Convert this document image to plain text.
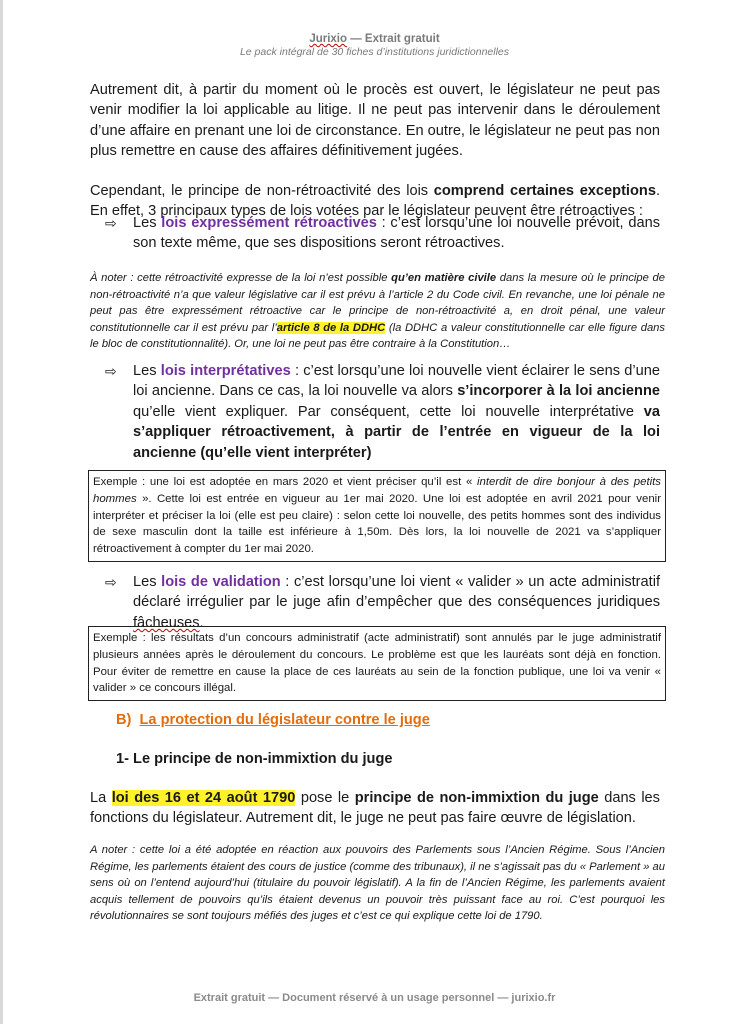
Jurixio — Extrait gratuit
Le pack intégral de 30 fiches d’institutions juridictionnelles

Autrement dit, à partir du moment où le procès est ouvert, le législateur ne peut pas venir modifier la loi applicable au litige. Il ne peut pas intervenir dans le déroulement d’une affaire en prenant une loi de circonstance. En outre, le législateur ne peut pas non plus remettre en cause des affaires définitivement jugées.

Cependant, le principe de non-rétroactivité des lois comprend certaines exceptions. En effet, 3 principaux types de lois votées par le législateur peuvent être rétroactives :

⇨	Les lois expressément rétroactives : c’est lorsqu’une loi nouvelle prévoit, dans son texte même, que ses dispositions seront rétroactives.
À noter : cette rétroactivité expresse de la loi n’est possible qu’en matière civile dans la mesure où le principe de non-rétroactivité n’a que valeur législative car il est prévu à l’article 2 du Code civil. En revanche, une loi pénale ne peut pas être expressément rétroactive car le principe de non-rétroactivité a, en droit pénal, une valeur constitutionnelle car il est prévu par l’article 8 de la DDHC (la DDHC a valeur constitutionnelle car elle figure dans le bloc de constitutionnalité). Or, une loi ne peut pas être contraire à la Constitution…
⇨	Les lois interprétatives : c’est lorsqu’une loi nouvelle vient éclairer le sens d’une loi ancienne. Dans ce cas, la loi nouvelle va alors s’incorporer à la loi ancienne qu’elle vient expliquer. Par conséquent, cette loi nouvelle interprétative va s’appliquer rétroactivement, à partir de l’entrée en vigueur de la loi ancienne (qu’elle vient interpréter)
Exemple : une loi est adoptée en mars 2020 et vient préciser qu’il est « interdit de dire bonjour à des petits hommes ». Cette loi est entrée en vigueur au 1er mai 2020. Une loi est adoptée en avril 2021 pour venir interpréter et préciser la loi (elle est peu claire) : selon cette loi nouvelle, des petits hommes sont des individus de sexe masculin dont la taille est inférieure à 1,50m. Dès lors, la loi nouvelle de 2021 va s’appliquer rétroactivement à compter du 1er mai 2020.
⇨	Les lois de validation : c’est lorsqu’une loi vient « valider » un acte administratif déclaré irrégulier par le juge afin d’empêcher que des conséquences juridiques fâcheuses.
Exemple : les résultats d’un concours administratif (acte administratif) sont annulés par le juge administratif plusieurs années après le déroulement du concours. Le problème est que les lauréats sont déjà en fonction. Pour éviter de remettre en cause la place de ces lauréats au sein de la fonction publique, une loi va venir « valider » ce concours illégal.
B) La protection du législateur contre le juge
1- Le principe de non-immixtion du juge

La loi des 16 et 24 août 1790 pose le principe de non-immixtion du juge dans les fonctions du législateur. Autrement dit, le juge ne peut pas faire œuvre de législation.

A noter : cette loi a été adoptée en réaction aux pouvoirs des Parlements sous l’Ancien Régime. Sous l’Ancien Régime, les parlements étaient des cours de justice (comme des tribunaux), il ne s’agissait pas du « Parlement » au sens où on l’entend aujourd’hui (titulaire du pouvoir législatif). A la fin de l’Ancien Régime, les parlements avaient acquis tellement de pouvoirs qu’ils étaient devenus un pouvoir très puissant face au roi. C’est pourquoi les révolutionnaires se sont toujours méfiés des juges et c’est ce qui explique cette loi de 1790.
Extrait gratuit — Document réservé à un usage personnel — jurixio.fr
